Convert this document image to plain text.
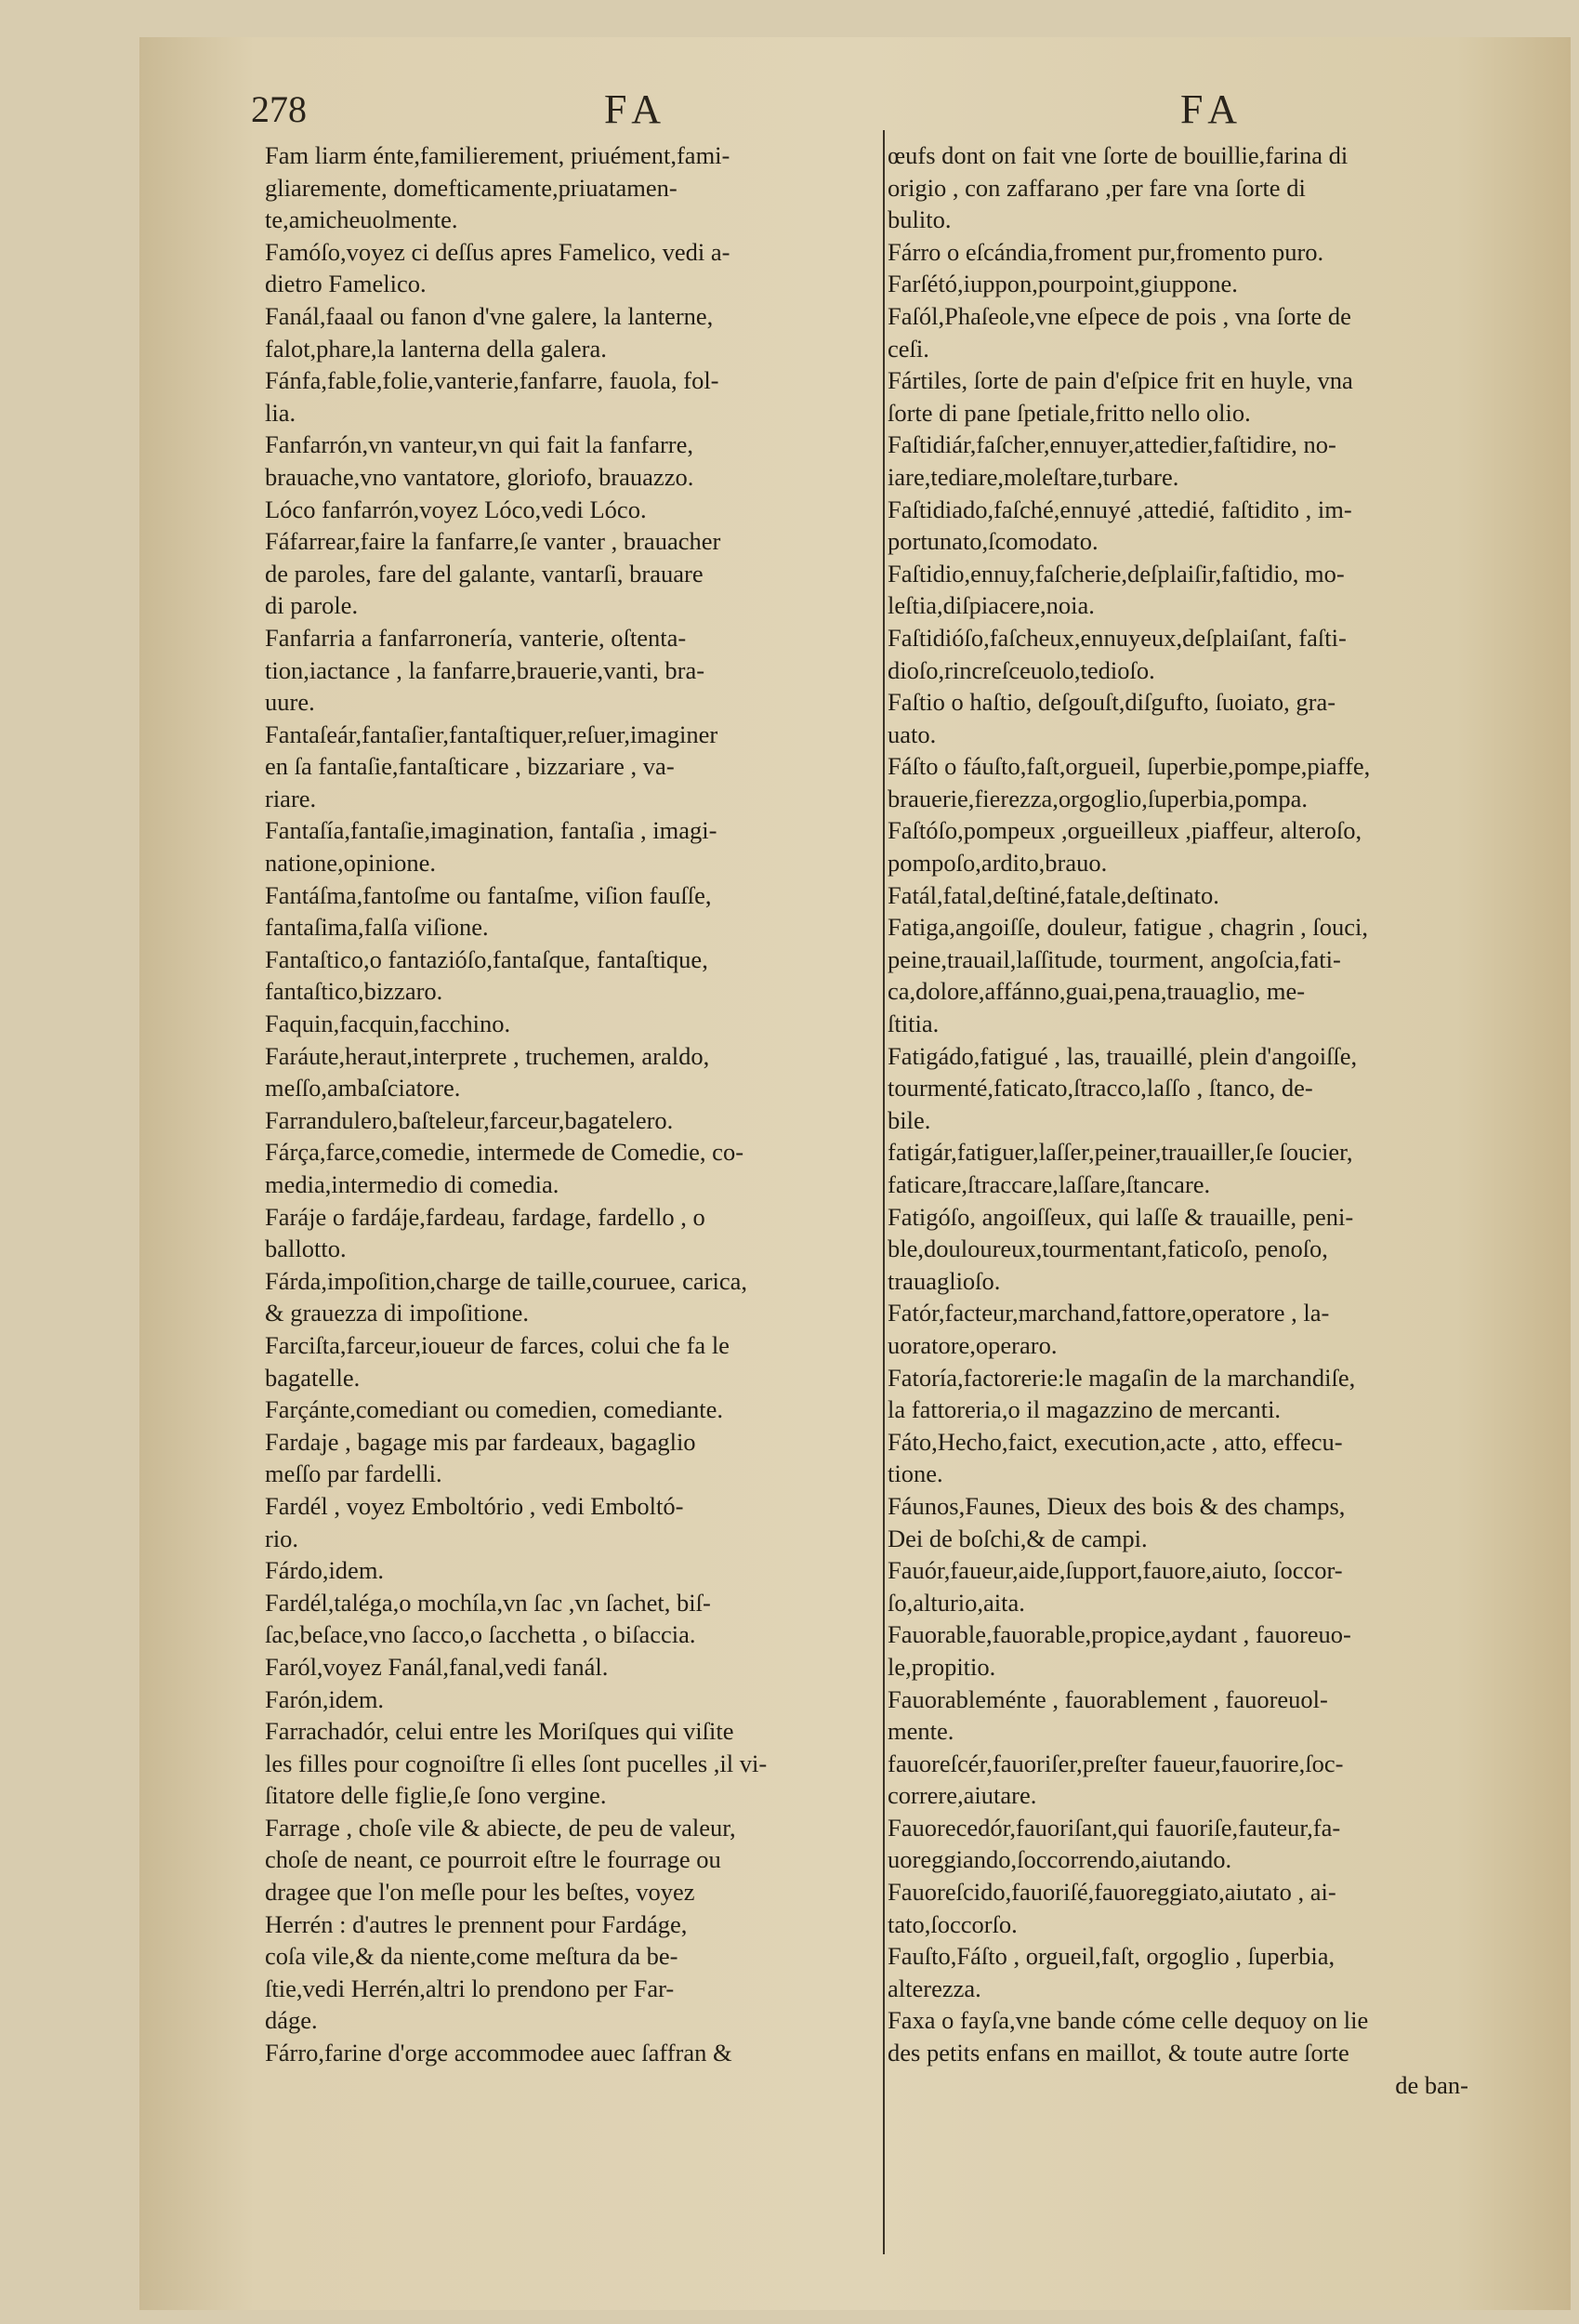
278	FA	FA
Fam liarm énte,familierement, priuément,fami-
gliaremente, domefticamente,priuatamen-
te,amicheuolmente.
Famóſo,voyez ci deſſus apres Famelico, vedi a-
dietro Famelico.
Fanál,faaal ou fanon d'vne galere, la lanterne,
falot,phare,la lanterna della galera.
Fánfa,fable,folie,vanterie,fanfarre, fauola, fol-
lia.
Fanfarrón,vn vanteur,vn qui fait la fanfarre,
brauache,vno vantatore, gloriofo, brauazzo.
Lóco fanfarrón,voyez Lóco,vedi Lóco.
Fáfarrear,faire la fanfarre,ſe vanter , brauacher
de paroles, fare del galante, vantarſi, brauare
di parole.
Fanfarria a fanfarronería, vanterie, oſtenta-
tion,iactance , la fanfarre,brauerie,vanti, bra-
uure.
Fantaſeár,fantaſier,fantaſtiquer,reſuer,imaginer
en ſa fantaſie,fantaſticare , bizzariare , va-
riare.
Fantaſía,fantaſie,imagination, fantaſia , imagi-
natione,opinione.
Fantáſma,fantoſme ou fantaſme, viſion fauſſe,
fantaſima,falſa viſione.
Fantaſtico,o fantazióſo,fantaſque, fantaſtique,
fantaſtico,bizzaro.
Faquin,facquin,facchino.
Faráute,heraut,interprete , truchemen, araldo,
meſſo,ambaſciatore.
Farrandulero,baſteleur,farceur,bagatelero.
Fárça,farce,comedie, intermede de Comedie, co-
media,intermedio di comedia.
Faráje o fardáje,fardeau, fardage, fardello , o
ballotto.
Fárda,impoſition,charge de taille,couruee, carica,
& grauezza di impoſitione.
Farciſta,farceur,ioueur de farces, colui che fa le
bagatelle.
Farçánte,comediant ou comedien, comediante.
Fardaje , bagage mis par fardeaux, bagaglio
meſſo par fardelli.
Fardél , voyez Emboltório , vedi Emboltó-
rio.
Fárdo,idem.
Fardél,talégа,o mochíla,vn ſac ,vn ſachet, biſ-
ſac,beſace,vno ſacco,o ſacchetta , o biſaccia.
Faról,voyez Fanál,fanal,vedi fanál.
Farón,idem.
Farrachadór, celui entre les Moriſques qui viſite
les filles pour cognoiſtre ſi elles ſont pucelles ,il vi-
ſitatore delle figlie,ſe ſono vergine.
Farrage , choſe vile & abiecte, de peu de valeur,
choſe de neant, ce pourroit eſtre le fourrage ou
dragee que l'on meſle pour les beſtes, voyez
Herrén : d'autres le prennent pour Fardáge,
coſa vile,& da niente,come meſtura da be-
ſtie,vedi Herrén,altri lo prendono per Far-
dáge.
Fárro,farine d'orge accommodee auec ſaffran &
œufs dont on fait vne ſorte de bouillie,farina di
origio , con zaffarano ,per fare vna ſorte di
bulito.
Fárro o eſcándia,froment pur,fromento puro.
Farſétó,iuppon,pourpoint,giuppone.
Faſól,Phaſeole,vne eſpece de pois , vna ſorte de
ceſi.
Fártiles, ſorte de pain d'eſpice frit en huyle, vna
ſorte di pane ſpetiale,fritto nello olio.
Faſtidiár,faſcher,ennuyer,attedier,faſtidire, no-
iare,tediare,moleſtare,turbare.
Faſtidiado,faſché,ennuyé ,attedié, faſtidito , im-
portunato,ſcomodato.
Faſtidio,ennuy,faſcherie,deſplaiſir,faſtidio, mo-
leſtia,diſpiacere,noia.
Faſtidióſo,faſcheux,ennuyeux,deſplaiſant, faſti-
dioſo,rincreſceuolo,tedioſo.
Faſtio o haſtio, deſgouſt,diſgufto, ſuoiato, gra-
uato.
Fáſto o fáuſto,faſt,orgueil, ſuperbie,pompe,piaffe,
brauerie,fierezza,orgoglio,ſuperbia,pompa.
Faſtóſo,pompeux ,orgueilleux ,piaffeur, alteroſo,
pompoſo,ardito,brauo.
Fatál,fatal,deſtiné,fatale,deſtinato.
Fatiga,angoiſſe, douleur, fatigue , chagrin , ſouci,
peine,trauail,laſſitude, tourment, angoſcia,fati-
ca,dolore,affánno,guai,pena,trauaglio, me-
ſtitia.
Fatigádo,fatigué , las, trauaillé, plein d'angoiſſe,
tourmenté,faticato,ſtracco,laſſo , ſtanco, de-
bile.
fatigár,fatiguer,laſſer,peiner,trauailler,ſe ſoucier,
faticare,ſtraccare,laſſare,ſtancare.
Fatigóſo, angoiſſeux, qui laſſe & trauaille, peni-
ble,douloureux,tourmentant,faticoſo, penoſo,
trauaglioſo.
Fatór,facteur,marchand,fattore,operatore , la-
uoratore,operaro.
Fatoría,factorerie:le magaſin de la marchandiſe,
la fattoreria,o il magazzino de mercanti.
Fáto,Hecho,faict, execution,acte , atto, effecu-
tione.
Fáunos,Faunes, Dieux des bois & des champs,
Dei de boſchi,& de campi.
Fauór,faueur,aide,ſupport,fauore,aiuto, ſoccor-
ſo,alturio,aita.
Fauorable,fauorable,propice,aydant , fauoreuo-
le,propitio.
Fauorableménte , fauorablement , fauoreuol-
mente.
fauoreſcér,fauoriſer,preſter faueur,fauorire,ſoc-
correre,aiutare.
Fauorecedór,fauoriſant,qui fauoriſe,fauteur,fa-
uoreggiando,ſoccorrendo,aiutando.
Fauoreſcido,fauoriſé,fauoreggiato,aiutato , ai-
tato,ſoccorſo.
Fauſto,Fáſto , orgueil,faſt, orgoglio , ſuperbia,
alterezza.
Faxa o fayſa,vne bande cóme celle dequoy on lie
des petits enfans en maillot, & toute autre ſorte
de ban-
